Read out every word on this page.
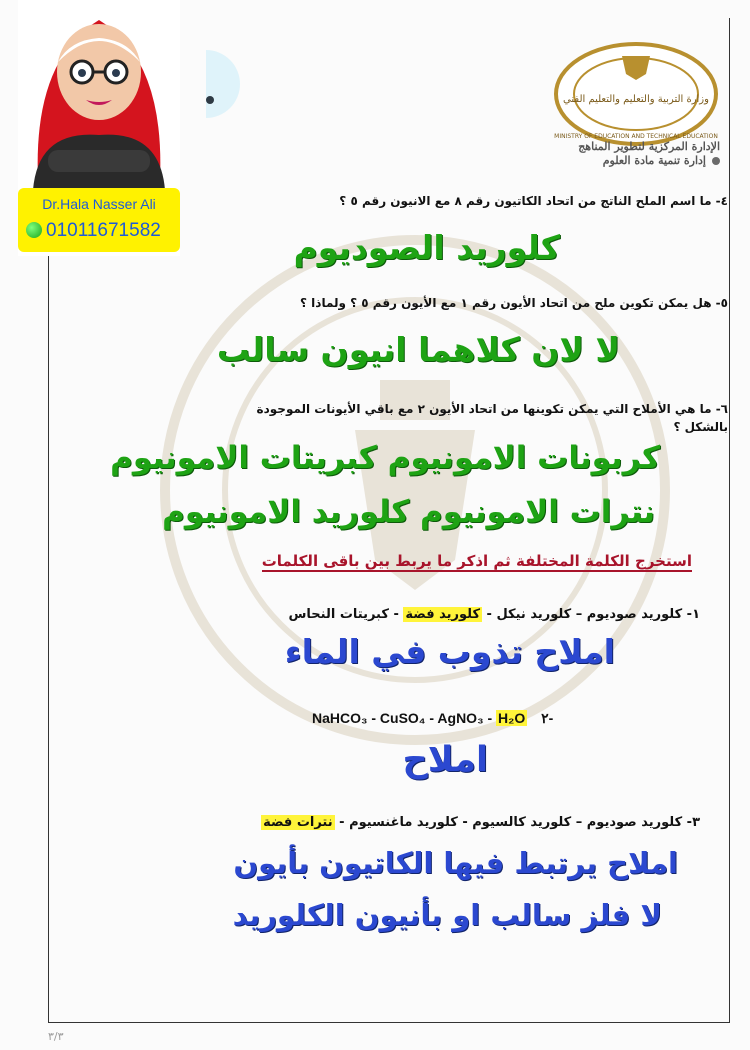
وزارة التربية والتعليم والتعليم الفني
MINISTRY OF EDUCATION AND TECHNICAL EDUCATION
الإدارة المركزية لتطوير المناهج
إدارة تنمية مادة العلوم
Dr.Hala Nasser Ali
01011671582
٤- ما اسم الملح الناتج من اتحاد الكاتيون رقم ٨ مع الانيون رقم ٥ ؟
كلوريد الصوديوم
٥- هل يمكن تكوين ملح من اتحاد الأيون رقم ١ مع الأيون رقم ٥ ؟ ولماذا ؟
لا لان كلاهما انيون سالب
٦- ما هي الأملاح التي يمكن تكوينها من اتحاد الأيون ٢ مع باقي الأيونات الموجودة
بالشكل ؟
كربونات الامونيوم كبريتات الامونيوم
نترات الامونيوم كلوريد الامونيوم
استخرج الكلمة المختلفة ثم اذكر ما يربط بين باقى الكلمات
١- كلوريد صوديوم – كلوريد نيكل - كلوريد فضة - كبريتات النحاس
املاح تذوب في الماء
NaHCO₃ - CuSO₄ - AgNO₃ - H₂O ٢-
املاح
٣- كلوريد صوديوم – كلوريد كالسيوم - كلوريد ماغنسيوم - نترات فضة
املاح يرتبط فيها الكاتيون بأيون
لا فلز سالب او بأنيون الكلوريد
٣/٣
